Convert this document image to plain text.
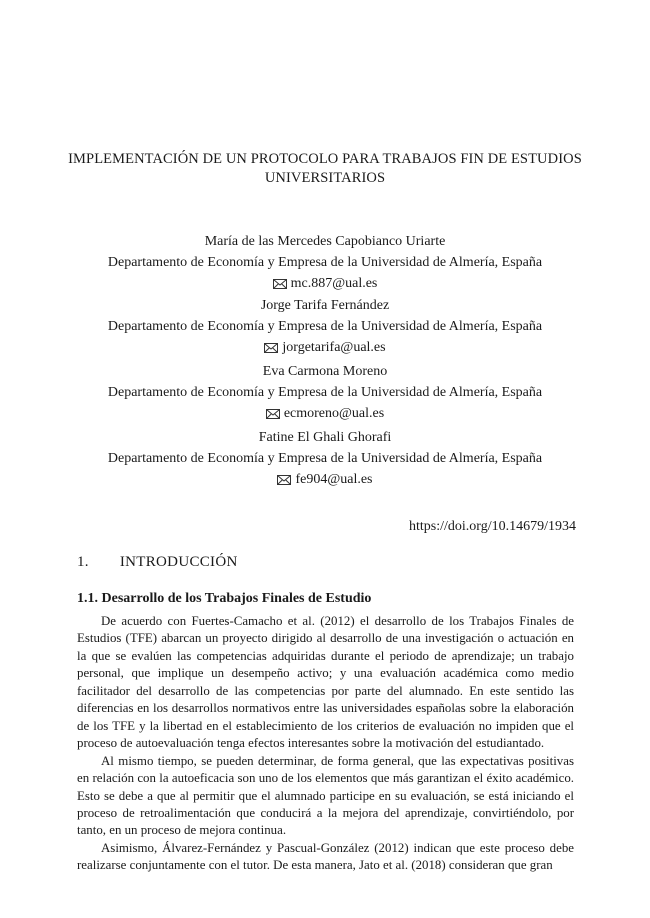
IMPLEMENTACIÓN DE UN PROTOCOLO PARA TRABAJOS FIN DE ESTUDIOS
UNIVERSITARIOS
María de las Mercedes Capobianco Uriarte
Departamento de Economía y Empresa de la Universidad de Almería, España
mc.887@ual.es
Jorge Tarifa Fernández
Departamento de Economía y Empresa de la Universidad de Almería, España
jorgetarifa@ual.es
Eva Carmona Moreno
Departamento de Economía y Empresa de la Universidad de Almería, España
ecmoreno@ual.es
Fatine El Ghali Ghorafi
Departamento de Economía y Empresa de la Universidad de Almería, España
fe904@ual.es
https://doi.org/10.14679/1934
1. INTRODUCCIÓN
1.1. Desarrollo de los Trabajos Finales de Estudio

De acuerdo con Fuertes-Camacho et al. (2012) el desarrollo de los Trabajos Finales de Estudios (TFE) abarcan un proyecto dirigido al desarrollo de una investigación o actuación en la que se evalúen las competencias adquiridas durante el periodo de aprendizaje; un trabajo personal, que implique un desempeño activo; y una evaluación académica como medio facilitador del desarrollo de las competencias por parte del alumnado. En este sentido las diferencias en los desarrollos normativos entre las universidades españolas sobre la elaboración de los TFE y la libertad en el establecimiento de los criterios de evaluación no impiden que el proceso de autoevaluación tenga efectos interesantes sobre la motivación del estudiantado.

Al mismo tiempo, se pueden determinar, de forma general, que las expectativas positivas en relación con la autoeficacia son uno de los elementos que más garantizan el éxito académico. Esto se debe a que al permitir que el alumnado participe en su evaluación, se está iniciando el proceso de retroalimentación que conducirá a la mejora del aprendizaje, convirtiéndolo, por tanto, en un proceso de mejora continua.

Asimismo, Álvarez-Fernández y Pascual-González (2012) indican que este proceso debe realizarse conjuntamente con el tutor. De esta manera, Jato et al. (2018) consideran que gran
